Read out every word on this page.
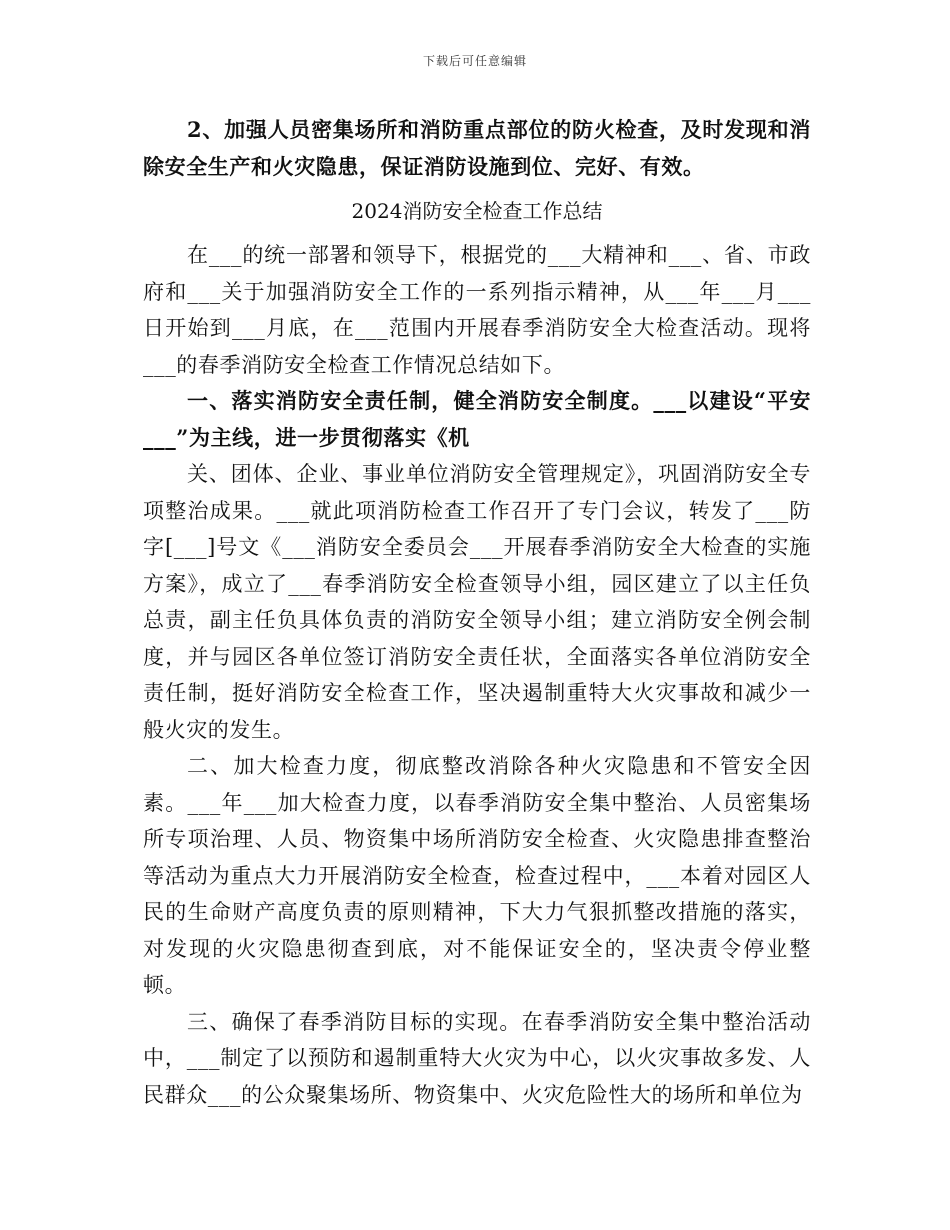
下载后可任意编辑

2、加强人员密集场所和消防重点部位的防火检查，及时发现和消除安全生产和火灾隐患，保证消防设施到位、完好、有效。

2024消防安全检查工作总结

在___的统一部署和领导下，根据党的___大精神和___、省、市政府和___关于加强消防安全工作的一系列指示精神，从___年___月___日开始到___月底，在___范围内开展春季消防安全大检查活动。现将___的春季消防安全检查工作情况总结如下。

一、落实消防安全责任制，健全消防安全制度。___以建设“平安___”为主线，进一步贯彻落实《机

关、团体、企业、事业单位消防安全管理规定》，巩固消防安全专项整治成果。___就此项消防检查工作召开了专门会议，转发了___防字[___]号文《___消防安全委员会___开展春季消防安全大检查的实施方案》，成立了___春季消防安全检查领导小组，园区建立了以主任负总责，副主任负具体负责的消防安全领导小组；建立消防安全例会制度，并与园区各单位签订消防安全责任状，全面落实各单位消防安全责任制，挺好消防安全检查工作，坚决遏制重特大火灾事故和减少一般火灾的发生。

二、加大检查力度，彻底整改消除各种火灾隐患和不管安全因素。___年___加大检查力度，以春季消防安全集中整治、人员密集场所专项治理、人员、物资集中场所消防安全检查、火灾隐患排查整治等活动为重点大力开展消防安全检查，检查过程中，___本着对园区人民的生命财产高度负责的原则精神，下大力气狠抓整改措施的落实，对发现的火灾隐患彻查到底，对不能保证安全的，坚决责令停业整顿。

三、确保了春季消防目标的实现。在春季消防安全集中整治活动中，___制定了以预防和遏制重特大火灾为中心，以火灾事故多发、人民群众___的公众聚集场所、物资集中、火灾危险性大的场所和单位为
